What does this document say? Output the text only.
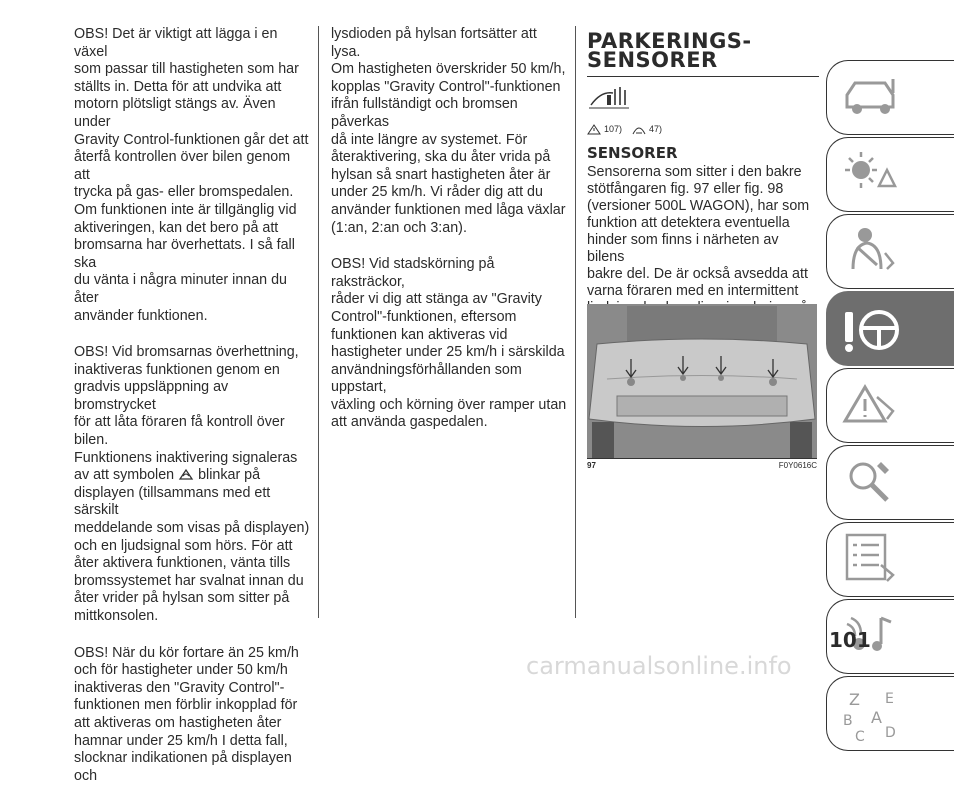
OBS! Det är viktigt att lägga i en växel
som passar till hastigheten som har
ställts in. Detta för att undvika att
motorn plötsligt stängs av. Även under
Gravity Control-funktionen går det att
återfå kontrollen över bilen genom att
trycka på gas- eller bromspedalen.
Om funktionen inte är tillgänglig vid
aktiveringen, kan det bero på att
bromsarna har överhettats. I så fall ska
du vänta i några minuter innan du åter
använder funktionen.

OBS! Vid bromsarnas överhettning,
inaktiveras funktionen genom en
gradvis uppsläppning av bromstrycket
för att låta föraren få kontroll över bilen.
Funktionens inaktivering signaleras
av att symbolen  blinkar på
displayen (tillsammans med ett särskilt
meddelande som visas på displayen)
och en ljudsignal som hörs. För att
åter aktivera funktionen, vänta tills
bromssystemet har svalnat innan du
åter vrider på hylsan som sitter på
mittkonsolen.

OBS! När du kör fortare än 25 km/h
och för hastigheter under 50 km/h
inaktiveras den "Gravity Control"-
funktionen men förblir inkopplad för
att aktiveras om hastigheten åter
hamnar under 25 km/h I detta fall,
slocknar indikationen på displayen och

lysdioden på hylsan fortsätter att lysa.
Om hastigheten överskrider 50 km/h,
kopplas "Gravity Control"-funktionen
ifrån fullständigt och bromsen påverkas
då inte längre av systemet. För
återaktivering, ska du åter vrida på
hylsan så snart hastigheten åter är
under 25 km/h. Vi råder dig att du
använder funktionen med låga växlar
(1:an, 2:an och 3:an).

OBS! Vid stadskörning på raksträckor,
råder vi dig att stänga av "Gravity
Control"-funktionen, eftersom
funktionen kan aktiveras vid
hastigheter under 25 km/h i särskilda
användningsförhållanden som uppstart,
växling och körning över ramper utan
att använda gaspedalen.

PARKERINGS-
SENSORER
107)	47)
SENSORER

Sensorerna som sitter i den bakre
stötfångaren fig. 97 eller fig. 98
(versioner 500L WAGON), har som
funktion att detektera eventuella
hinder som finns i närheten av bilens
bakre del. De är också avsedda att
varna föraren med en intermittent

97	F0Y0616C
Z E
B A
C D
101
carmanualsonline.info
